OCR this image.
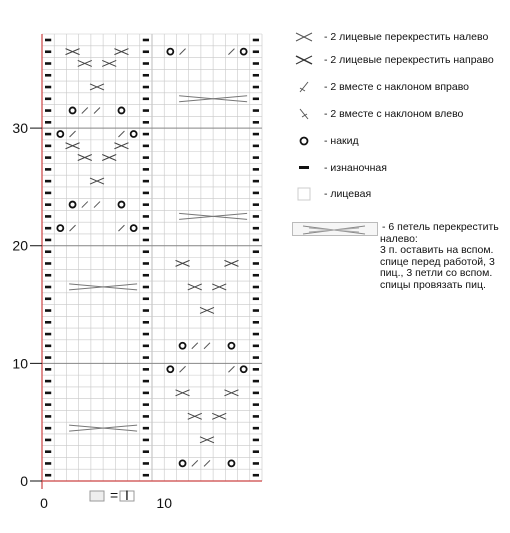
0
10
20
30
0	10
= I
- 2 лицевые перекрестить налево
- 2 лицевые перекрестить направо
- 2 вместе с наклоном вправо
- 2 вместе с наклоном влево
- накид
- изнаночная
- лицевая
- 6 петель перекрестить
налево:
3 п. оставить на вспом.
спице перед работой, 3
пиц., 3 петли со вспом.
спицы провязать пиц.
